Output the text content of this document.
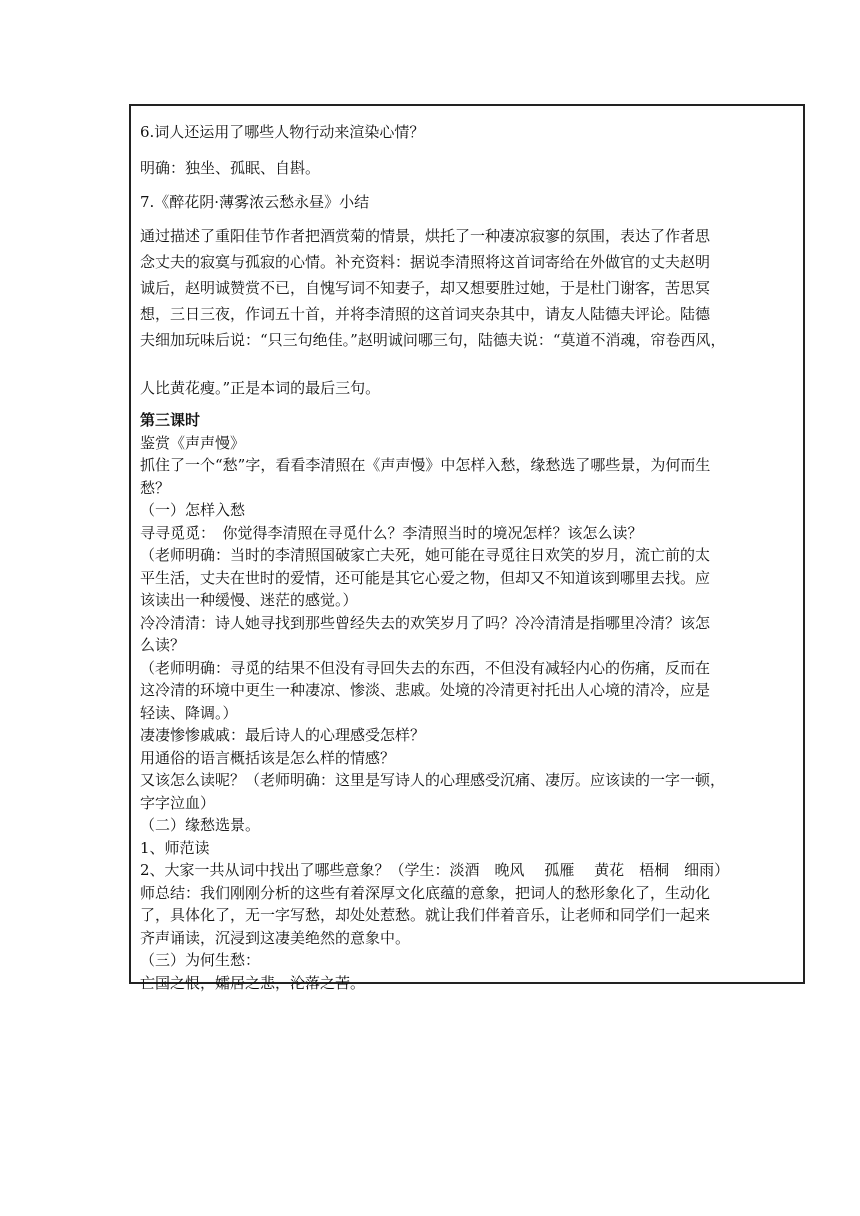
6.词人还运用了哪些人物行动来渲染心情？

明确：独坐、孤眠、自斟。

7.《醉花阴·薄雾浓云愁永昼》小结

通过描述了重阳佳节作者把酒赏菊的情景，烘托了一种凄凉寂寥的氛围，表达了作者思
念丈夫的寂寞与孤寂的心情。补充资料：据说李清照将这首词寄给在外做官的丈夫赵明
诚后，赵明诚赞赏不已，自愧写词不知妻子，却又想要胜过她，于是杜门谢客，苦思冥
想，三日三夜，作词五十首，并将李清照的这首词夹杂其中，请友人陆德夫评论。陆德
夫细加玩味后说：“只三句绝佳。”赵明诚问哪三句，陆德夫说：“莫道不消魂，帘卷西风，
人比黄花瘦。”正是本词的最后三句。

第三课时
鉴赏《声声慢》
抓住了一个“愁”字，看看李清照在《声声慢》中怎样入愁，缘愁选了哪些景，为何而生
愁？
（一）怎样入愁
寻寻觅觅：　你觉得李清照在寻觅什么？李清照当时的境况怎样？该怎么读？
（老师明确：当时的李清照国破家亡夫死，她可能在寻觅往日欢笑的岁月，流亡前的太
平生活，丈夫在世时的爱情，还可能是其它心爱之物，但却又不知道该到哪里去找。应
该读出一种缓慢、迷茫的感觉。）
冷冷清清：诗人她寻找到那些曾经失去的欢笑岁月了吗？冷冷清清是指哪里冷清？该怎
么读？
（老师明确：寻觅的结果不但没有寻回失去的东西，不但没有减轻内心的伤痛，反而在
这冷清的环境中更生一种凄凉、惨淡、悲戚。处境的冷清更衬托出人心境的清冷，应是
轻读、降调。）
凄凄惨惨戚戚：最后诗人的心理感受怎样？
用通俗的语言概括该是怎么样的情感？
又该怎么读呢？（老师明确：这里是写诗人的心理感受沉痛、凄厉。应该读的一字一顿，
字字泣血）
（二）缘愁选景。
1、师范读
2、大家一共从词中找出了哪些意象？（学生：淡酒　晚风　 孤雁　 黄花　梧桐　细雨）
师总结：我们刚刚分析的这些有着深厚文化底蕴的意象，把词人的愁形象化了，生动化
了，具体化了，无一字写愁，却处处惹愁。就让我们伴着音乐，让老师和同学们一起来
齐声诵读，沉浸到这凄美绝然的意象中。
（三）为何生愁：
亡国之恨，孀居之悲，沦落之苦。
